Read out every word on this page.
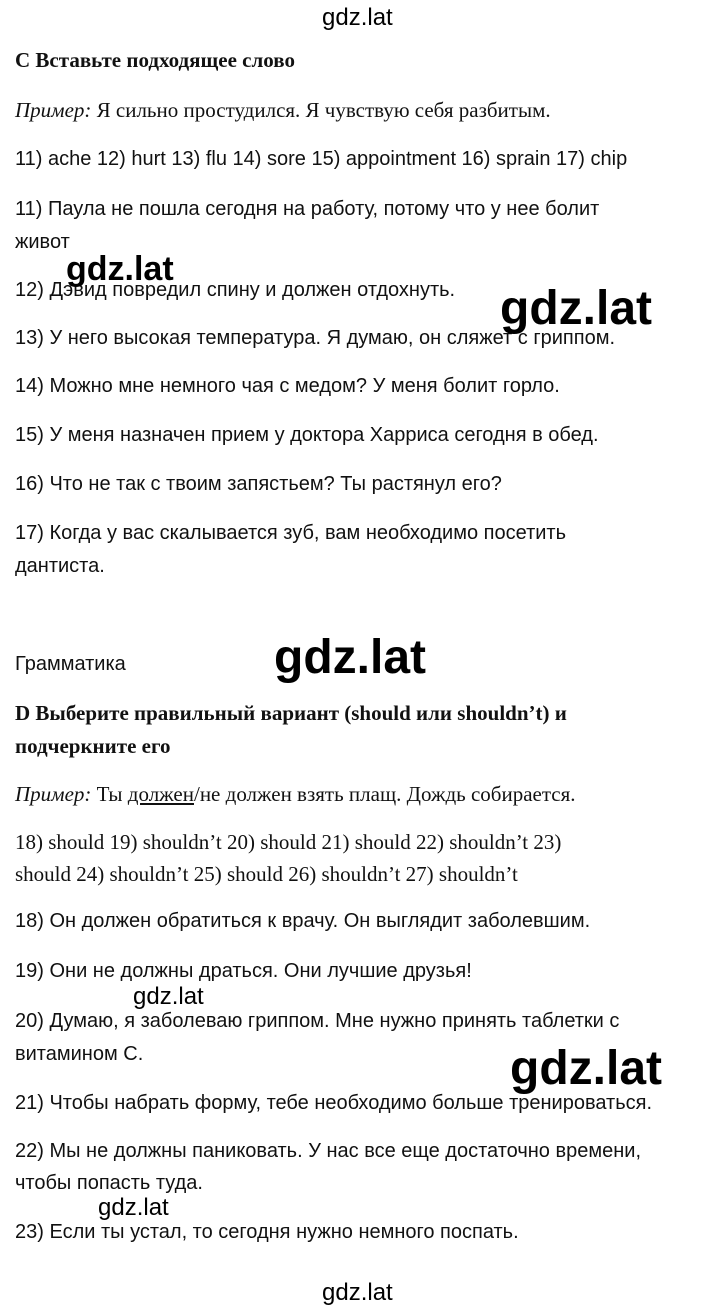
gdz.lat
C Вставьте подходящее слово
Пример: Я сильно простудился. Я чувствую себя разбитым.
11) ache 12) hurt 13) flu 14) sore 15) appointment 16) sprain 17) chip
11) Паула не пошла сегодня на работу, потому что у нее болит
живот
12) Дэвид повредил спину и должен отдохнуть.
13) У него высокая температура. Я думаю, он сляжет с гриппом.
14) Можно мне немного чая с медом? У меня болит горло.
15) У меня назначен прием у доктора Харриса сегодня в обед.
16) Что не так с твоим запястьем? Ты растянул его?
17) Когда у вас скалывается зуб, вам необходимо посетить
дантиста.
gdz.lat
gdz.lat
Грамматика	gdz.lat
D Выберите правильный вариант (should или shouldn’t) и
подчеркните его
Пример: Ты должен/не должен взять плащ. Дождь собирается.
18) should 19) shouldn’t 20) should 21) should 22) shouldn’t 23)
should 24) shouldn’t 25) should 26) shouldn’t 27) shouldn’t
18) Он должен обратиться к врачу. Он выглядит заболевшим.
19) Они не должны драться. Они лучшие друзья!
20) Думаю, я заболеваю гриппом. Мне нужно принять таблетки с
витамином С.
21) Чтобы набрать форму, тебе необходимо больше тренироваться.
22) Мы не должны паниковать. У нас все еще достаточно времени,
чтобы попасть туда.
23) Если ты устал, то сегодня нужно немного поспать.
gdz.lat
gdz.lat
gdz.lat
gdz.lat
